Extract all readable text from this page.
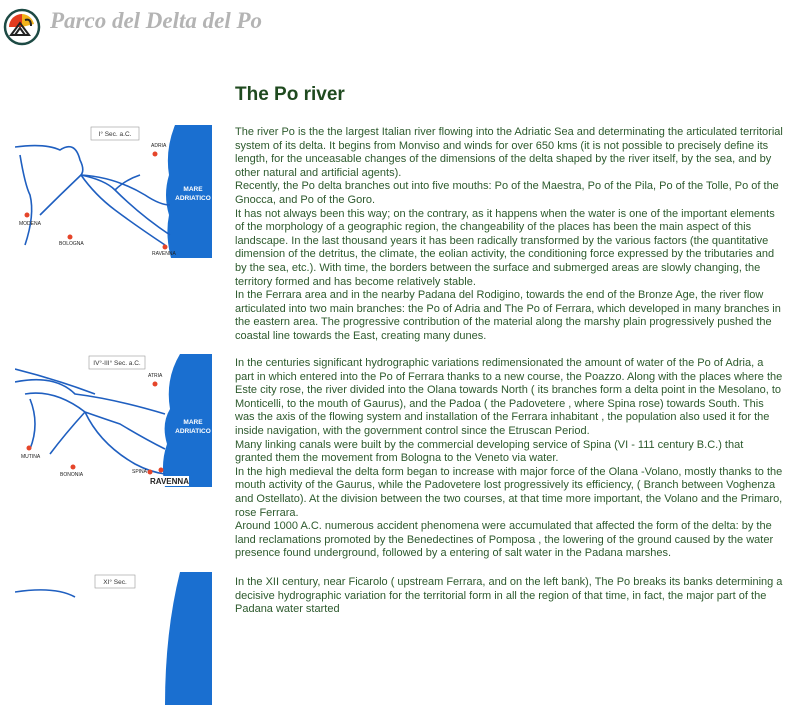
Parco del Delta del Po
The Po river
I° Sec. a.C.
MARE
ADRIATICO
ADRIA
MODENA
BOLOGNA
RAVENNA

The river Po is the the largest Italian river flowing into the Adriatic Sea and determinating the articulated territorial system of its delta. It begins from Monviso and winds for over 650 kms (it is not possible to precisely define its length, for the unceasable changes of the dimensions of the delta shaped by the river itself, by the sea, and by other natural and artificial agents).

Recently, the Po delta branches out into five mouths: Po of the Maestra, Po of the Pila, Po of the Tolle, Po of the Gnocca, and Po of the Goro.

It has not always been this way; on the contrary, as it happens when the water is one of the important elements of the morphology of a geographic region, the changeability of the places has been the main aspect of this landscape. In the last thousand years it has been radically transformed by the various factors (the quantitative dimension of the detritus, the climate, the eolian activity, the conditioning force expressed by the tributaries and by the sea, etc.). With time, the borders between the surface and submerged areas are slowly changing, the territory formed and has become relatively stable.

In the Ferrara area and in the nearby Padana del Rodigino, towards the end of the Bronze Age, the river flow articulated into two main branches: the Po of Adria and The Po of Ferrara, which developed in many branches in the eastern area. The progressive contribution of the material along the marshy plain progressively pushed the coastal line towards the East, creating many dunes.

IV°-III° Sec. a.C.
MARE
ADRIATICO
ATRIA
MUTINA
BONONIA	SPINA
RAVENNA

In the centuries significant hydrographic variations redimensionated the amount of water of the Po of Adria, a part in which entered into the Po of Ferrara thanks to a new course, the Poazzo. Along with the places where the Este city rose, the river divided into the Olana towards North ( its branches form a delta point in the Mesolano, to Monticelli, to the mouth of Gaurus), and the Padoa ( the Padovetere , where Spina rose) towards South. This was the axis of the flowing system and installation of the Ferrara inhabitant , the population also used it for the inside navigation, with the government control since the Etruscan Period.

Many linking canals were built by the commercial developing service of Spina (VI - 111 century B.C.) that granted them the movement from Bologna to the Veneto via water.

In the high medieval the delta form began to increase with major force of the Olana -Volano, mostly thanks to the mouth activity of the Gaurus, while the Padovetere lost progressively its efficiency, ( Branch between Voghenza and Ostellato). At the division between the two courses, at that time more important, the Volano and the Primaro, rose Ferrara.

Around 1000 A.C. numerous accident phenomena were accumulated that affected the form of the delta: by the land reclamations promoted by the Benedectines of Pomposa , the lowering of the ground caused by the water presence found underground, followed by a entering of salt water in the Padana marshes.

XI° Sec.	In the XII century, near Ficarolo ( upstream Ferrara, and on the left bank), The Po breaks its banks determining a decisive hydrographic variation for the territorial form in all the region of that time, in fact, the major part of the Padana water started
